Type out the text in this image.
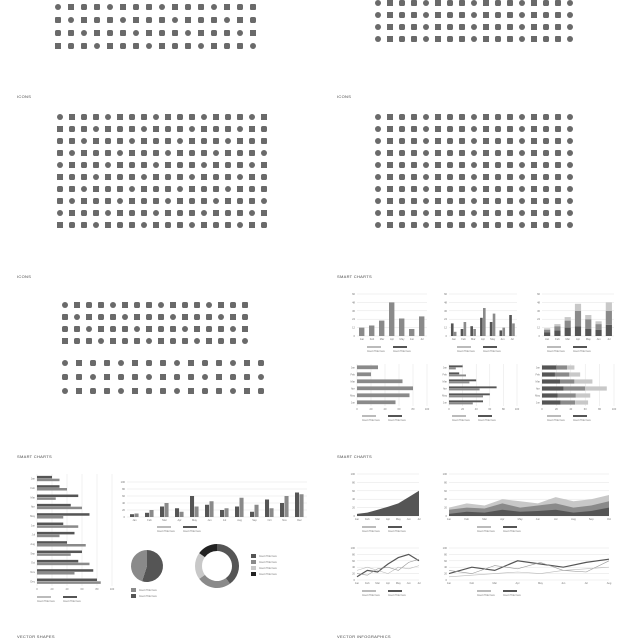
ICONS	ICONS
ICONS	SMART CHARTS
Jan Feb Mar Apr May Jun Jul
0
12
24
36
48
60
Insert Title here	Insert Title here
Jan Feb Mar Apr May Jun Jul
0
12
24
36
48
60
Insert Title here	Insert Title here
Jan Feb Mar Apr May Jun	Jul
0
12
24
36
48
60
Insert Title here	Insert Title here
0	20	40	60	80	100
Jan
Feb
Mar
Apr
May
Jun
Insert Title here	Insert Title here
0	20	40	60	80	100
Jan
Feb
Mar
Apr
May
Jun
Insert Title here	Insert Title here
0	20	40	60	80	100
Jan
Feb
Mar
Apr
May
Jun
Insert Title here	Insert Title here
SMART CHARTS
0	20	40	60	80	100
Jan
Feb
Mar
Apr
May
Jun
Jul
Aug
Sep
Oct
Nov
Dec
Insert Title here	Insert Title here
Jan	Feb	Mar	Apr	May	Jun	Jul	Aug	Sep	Oct	Nov	Dec
0
20
40
60
80
100
Insert Title here	Insert Title here
Insert Title here
Insert Title here
Insert Title here
Insert Title here
Insert Title here
Insert Title here
SMART CHARTS
Jan Feb Mar Apr May Jun	Jul
0
20
40
60
80
100
Insert Title here	Insert Title here
Jan	Feb	Mar	Apr	May	Jun	Jul	Aug	Sep	Oct
0
20
40
60
80
100
Insert Title here	Insert Title here
Jan Feb Mar Apr May Jun	Jul
0
20
40
60
80
100
Insert Title here	Insert Title here
Jan	Feb	Mar	Apr	May	Jun	Jul	Aug
0
20
40
60
80
100
Insert Title here	Insert Title here
VECTOR SHAPES	VECTOR INFOGRAPHICS
